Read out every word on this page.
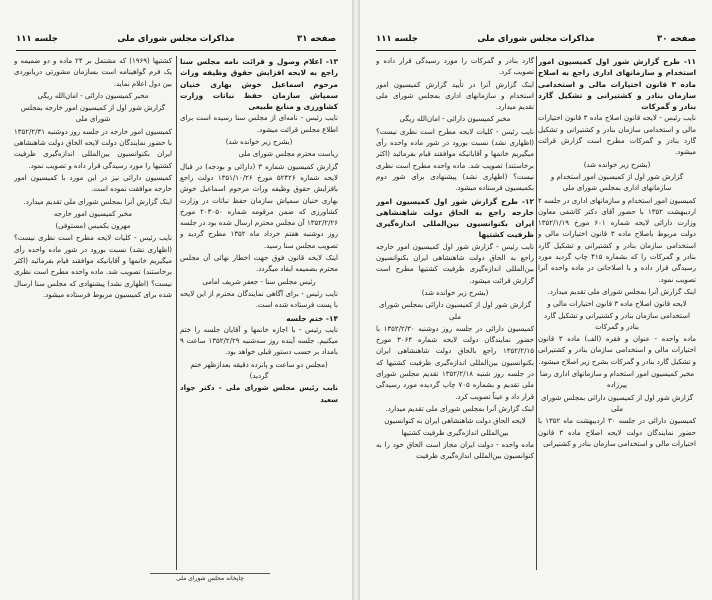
صفحه ۳۱
مذاکرات مجلس شورای ملی
جلسه ۱۱۱

۱۳- اعلام وصول و قرائت نامه مجلس سنا راجع به لایحه افزایش حقوق وظیفه وراث مرحوم اسماعیل خوش بهاری خنیان سمپاش سازمان حفظ نباتات وزارت کشاورزی و منابع طبیعی

نایب رئیس - نامه‌ای از مجلس سنا رسیده است برای اطلاع مجلس قرائت میشود.

(بشرح زیر خوانده شد)

ریاست محترم مجلس شورای ملی

گزارش کمیسیون شماره ۳ (دارائی و بودجه) در قبال لایحه شماره ۵۲۴۲۶ مورخ ۱۳۵۱/۱۰/۲۶ دولت راجع بافزایش حقوق وظیفه وراث مرحوم اسماعیل خوش بهاری خنیان سمپاش سازمان حفظ نباتات در وزارت کشاورزی که ضمن مرقومه شماره ۲۰۳۰۵۰ مورخ ۱۳۵۲/۲/۲۶ آن مجلس محترم ارسال شده بود در جلسه روز دوشنبه هفتم خرداد ماه ۱۳۵۲ مطرح گردید و تصویب مجلس سنا رسید.

اینک لایحه قانون فوق جهت اخطار نهائی آن مجلس محترم بضمیمه ایفاد میگردد.

رئیس مجلس سنا - جعفر شریف امامی

نایب رئیس - برای آگاهی نمایندگان محترم از این لایحه با پست فرستاده شده است.

۱۴- ختم جلسه

نایب رئیس - با اجازه خانمها و آقایان جلسه را ختم میکنیم. جلسه آینده روز سه‌شنبه ۱۳۵۲/۲/۲۹ ساعت ۹ بامداد بر حسب دستور قبلی خواهد بود.

(مجلس دو ساعت و پانزده دقیقه بعدازظهر ختم گردید)

نایب رئیس مجلس شورای ملی - دکتر جواد سعید

کشتیها (۱۹۶۹) که مشتمل بر ۲۴ ماده و دو ضمیمه و یک فرم گواهینامه است بسازمان مشورتی دریانوردی بین دول اعلام نماید.

مخبر کمیسیون دارائی - امان‌الله ریگی

گزارش شور اول از کمیسیون امور خارجه بمجلس شورای ملی

کمیسیون امور خارجه در جلسه روز دوشنبه ۱۳۵۲/۲/۳۱ با حضور نمایندگان دولت لایحه الحاق دولت شاهنشاهی ایران بکنوانسیون بین‌المللی اندازه‌گیری ظرفیت کشتیها را مورد رسیدگی قرار داده و تصویب نمود.

کمیسیون دارائی نیز در این مورد با کمیسیون امور خارجه موافقت نموده است.

اینک گزارش آنرا بمجلس شورای ملی تقدیم میدارد.

مخبر کمیسیون امور خارجه

مهرون بکمیس (مستوفی)

نایب رئیس - کلیات لایحه مطرح است نظری نیست؟ (اظهاری نشد) نسبت بورود در شور ماده واحده رأی میگیریم خانمها و آقایانیکه موافقند قیام بفرمائید (اکثر برخاستند) تصویب شد. ماده واحده مطرح است نظری نیست؟ (اظهاری نشد) پیشنهادی که مجلس سنا ارسال شده برای کمیسیون مربوط فرستاده میشود.

چاپخانه مجلس شورای ملی
صفحه ۳۰
مذاکرات مجلس شورای ملی
جلسه ۱۱۱

۱۱- طرح گزارش شور اول کمیسیون امور استخدام و سازمانهای اداری راجع به اصلاح ماده ۳ قانون اختیارات مالی و استخدامی سازمان بنادر و کشتیرانی و تشکیل گارد بنادر و گمرکات

نایب رئیس - لایحه قانون اصلاح ماده ۳ قانون اختیارات مالی و استخدامی سازمان بنادر و کشتیرانی و تشکیل گارد بنادر و گمرکات مطرح است گزارش قرائت میشود.

(بشرح زیر خوانده شد)

گزارش شور اول از کمیسیون امور استخدام و سازمانهای اداری بمجلس شورای ملی

کمیسیون امور استخدام و سازمانهای اداری در جلسه ۲ اردیبهشت ۱۳۵۲ با حضور آقای دکتر کاشفی معاون وزارت دارائی لایحه شماره ۶۰۱ مورخ ۱۳۵۲/۱/۱۹ دولت مربوط باصلاح ماده ۳ قانون اختیارات مالی و استخدامی سازمان بنادر و کشتیرانی و تشکیل گارد بنادر و گمرکات را که بشماره ۴۱۵ چاپ گردید مورد رسیدگی قرار داده و با اصلاحاتی در ماده واحده آنرا تصویب نمود.

اینک گزارش آنرا بمجلس شورای ملی تقدیم میدارد.

لایحه قانون اصلاح ماده ۳ قانون اختیارات مالی و استخدامی سازمان بنادر و کشتیرانی و تشکیل گارد بنادر و گمرکات

ماده واحده - عنوان و فقره (الف) ماده ۳ قانون اختیارات مالی و استخدامی سازمان بنادر و کشتیرانی و تشکیل گارد بنادر و گمرکات بشرح زیر اصلاح میشود.

مخبر کمیسیون امور استخدام و سازمانهای اداری رضا پیرزاده

گزارش شور اول از کمیسیون دارائی بمجلس شورای ملی

کمیسیون دارائی در جلسه ۳۰ اردیبهشت ماه ۱۳۵۲ با حضور نمایندگان دولت لایحه اصلاح ماده ۳ قانون اختیارات مالی و استخدامی سازمان بنادر و کشتیرانی

گارد بنادر و گمرکات را مورد رسیدگی قرار داده و تصویب کرد.

اینک گزارش آنرا در تأیید گزارش کمیسیون امور استخدام و سازمانهای اداری بمجلس شورای ملی تقدیم میدارد.

مخبر کمیسیون دارائی - امان‌الله ریگی

نایب رئیس - کلیات لایحه مطرح است نظری نیست؟ (اظهاری نشد) نسبت بورود در شور ماده واحده رأی میگیریم خانمها و آقایانیکه موافقند قیام بفرمائید (اکثر برخاستند) تصویب شد. ماده واحده مطرح است نظری نیست؟ (اظهاری نشد) پیشنهادی برای شور دوم بکمیسیون فرستاده میشود.

۱۲- طرح گزارش شور اول کمیسیون امور خارجه راجع به الحاق دولت شاهنشاهی ایران بکنوانسیون بین‌المللی اندازه‌گیری ظرفیت کشتیها

نایب رئیس - گزارش شور اول کمیسیون امور خارجه راجع به الحاق دولت شاهنشاهی ایران بکنوانسیون بین‌المللی اندازه‌گیری ظرفیت کشتیها مطرح است گزارش قرائت میشود.

(بشرح زیر خوانده شد)

گزارش شور اول از کمیسیون دارائی بمجلس شورای ملی

کمیسیون دارائی در جلسه روز دوشنبه ۱۳۵۲/۲/۳۰ با حضور نمایندگان دولت لایحه شماره ۳۰۶۴ مورخ ۱۳۵۲/۲/۱۵ راجع بالحاق دولت شاهنشاهی ایران بکنوانسیون بین‌المللی اندازه‌گیری ظرفیت کشتیها که در جلسه روز شنبه ۱۳۵۲/۲/۱۸ تقدیم مجلس شورای ملی تقدیم و بشماره ۷۰۵ چاپ گردیده مورد رسیدگی قرار داد و عیناً تصویب کرد.

اینک گزارش آنرا بمجلس شورای ملی تقدیم میدارد.

لایحه الحاق دولت شاهنشاهی ایران به کنوانسیون بین‌المللی اندازه‌گیری ظرفیت کشتیها

ماده واحده - دولت ایران مجاز است الحاق خود را به کنوانسیون بین‌المللی اندازه‌گیری ظرفیت
